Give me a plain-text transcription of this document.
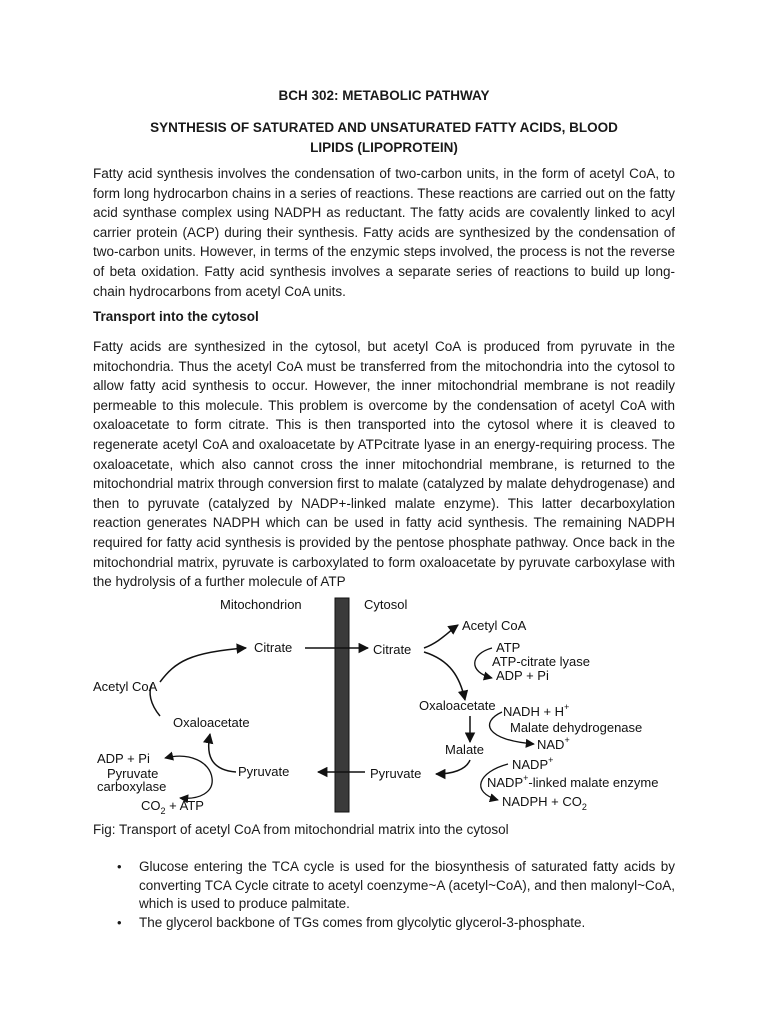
BCH 302: METABOLIC PATHWAY
SYNTHESIS OF SATURATED AND UNSATURATED FATTY ACIDS, BLOOD LIPIDS (LIPOPROTEIN)

Fatty acid synthesis involves the condensation of two-carbon units, in the form of acetyl CoA, to form long hydrocarbon chains in a series of reactions. These reactions are carried out on the fatty acid synthase complex using NADPH as reductant. The fatty acids are covalently linked to acyl carrier protein (ACP) during their synthesis. Fatty acids are synthesized by the condensation of two-carbon units. However, in terms of the enzymic steps involved, the process is not the reverse of beta oxidation. Fatty acid synthesis involves a separate series of reactions to build up long-chain hydrocarbons from acetyl CoA units.

Transport into the cytosol

Fatty acids are synthesized in the cytosol, but acetyl CoA is produced from pyruvate in the mitochondria. Thus the acetyl CoA must be transferred from the mitochondria into the cytosol to allow fatty acid synthesis to occur. However, the inner mitochondrial membrane is not readily permeable to this molecule. This problem is overcome by the condensation of acetyl CoA with oxaloacetate to form citrate. This is then transported into the cytosol where it is cleaved to regenerate acetyl CoA and oxaloacetate by ATPcitrate lyase in an energy-requiring process. The oxaloacetate, which also cannot cross the inner mitochondrial membrane, is returned to the mitochondrial matrix through conversion first to malate (catalyzed by malate dehydrogenase) and then to pyruvate (catalyzed by NADP+-linked malate enzyme). This latter decarboxylation reaction generates NADPH which can be used in fatty acid synthesis. The remaining NADPH required for fatty acid synthesis is provided by the pentose phosphate pathway. Once back in the mitochondrial matrix, pyruvate is carboxylated to form oxaloacetate by pyruvate carboxylase with the hydrolysis of a further molecule of ATP

Mitochondrion	Cytosol
Citrate
Acetyl CoA
Oxaloacetate
Pyruvate
ADP + Pi
Pyruvate
carboxylase
$CO_2$ + ATP
Citrate
Acetyl CoA
ATP
ATP-citrate lyase
ADP + Pi
Oxaloacetate NADH + H+
Malate dehydrogenase
NAD+
Malate
NADP+
Pyruvate
NADP+-linked malate enzyme
NADPH + $CO_2$
Fig: Transport of acetyl CoA from mitochondrial matrix into the cytosol
• Glucose entering the TCA cycle is used for the biosynthesis of saturated fatty acids by converting TCA Cycle citrate to acetyl coenzyme~A (acetyl~CoA), and then malonyl~CoA, which is used to produce palmitate.
• The glycerol backbone of TGs comes from glycolytic glycerol-3-phosphate.
